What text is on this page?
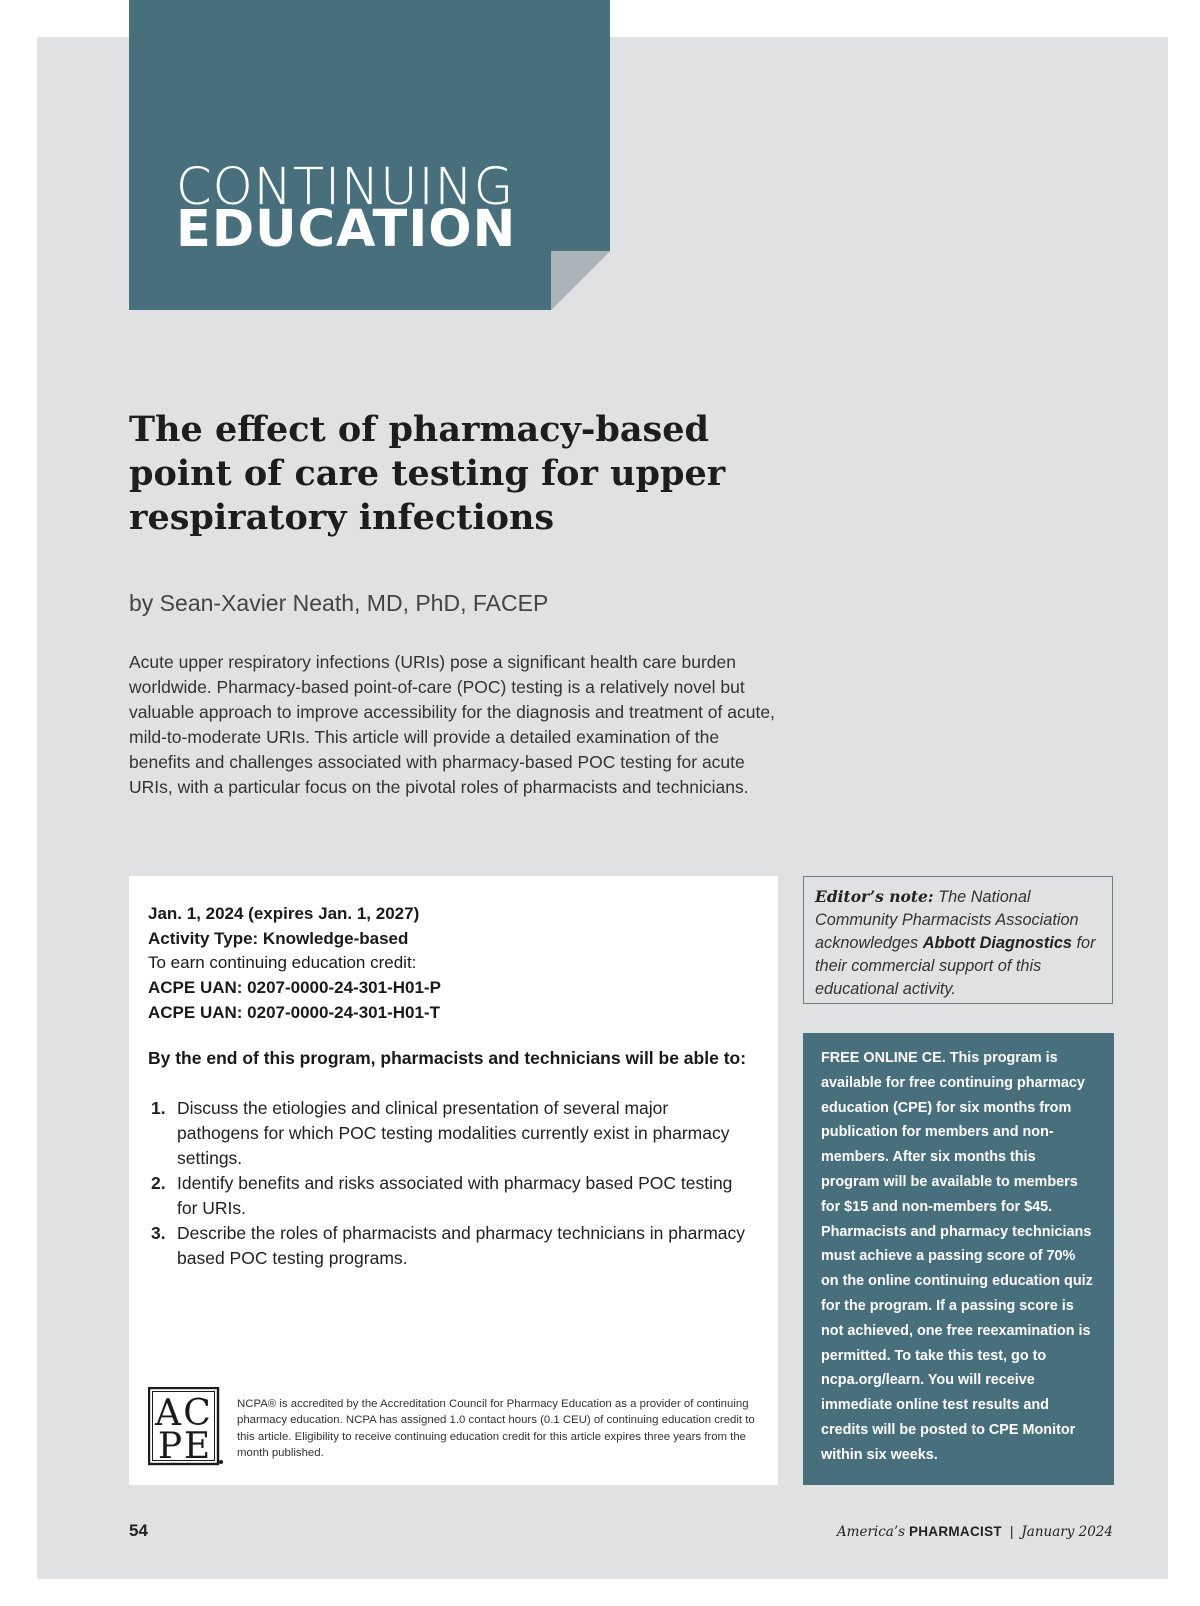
CONTINUING
EDUCATION
The effect of pharmacy-based point of care testing for upper respiratory infections
by Sean-Xavier Neath, MD, PhD, FACEP

Acute upper respiratory infections (URIs) pose a significant health care burden worldwide. Pharmacy-based point-of-care (POC) testing is a relatively novel but valuable approach to improve accessibility for the diagnosis and treatment of acute, mild-to-moderate URIs. This article will provide a detailed examination of the benefits and challenges associated with pharmacy-based POC testing for acute URIs, with a particular focus on the pivotal roles of pharmacists and technicians.

Jan. 1, 2024 (expires Jan. 1, 2027)
Activity Type: Knowledge-based
To earn continuing education credit:
ACPE UAN: 0207-0000-24-301-H01-P
ACPE UAN: 0207-0000-24-301-H01-T
By the end of this program, pharmacists and technicians will be able to:
1. Discuss the etiologies and clinical presentation of several major pathogens for which POC testing modalities currently exist in pharmacy settings.
2. Identify benefits and risks associated with pharmacy based POC testing for URIs.
3. Describe the roles of pharmacists and pharmacy technicians in pharmacy based POC testing programs.
A C
P E
NCPA® is accredited by the Accreditation Council for Pharmacy Education as a provider of continuing pharmacy education. NCPA has assigned 1.0 contact hours (0.1 CEU) of continuing education credit to this article. Eligibility to receive continuing education credit for this article expires three years from the month published.
Editor’s note: The National Community Pharmacists Association acknowledges Abbott Diagnostics for their commercial support of this educational activity.
FREE ONLINE CE. This program is available for free continuing pharmacy education (CPE) for six months from publication for members and non-members. After six months this program will be available to members for $15 and non-members for $45. Pharmacists and pharmacy technicians must achieve a passing score of 70% on the online continuing education quiz for the program. If a passing score is not achieved, one free reexamination is permitted. To take this test, go to ncpa.org/learn. You will receive immediate online test results and credits will be posted to CPE Monitor within six weeks.
54	America’s PHARMACIST | January 2024
